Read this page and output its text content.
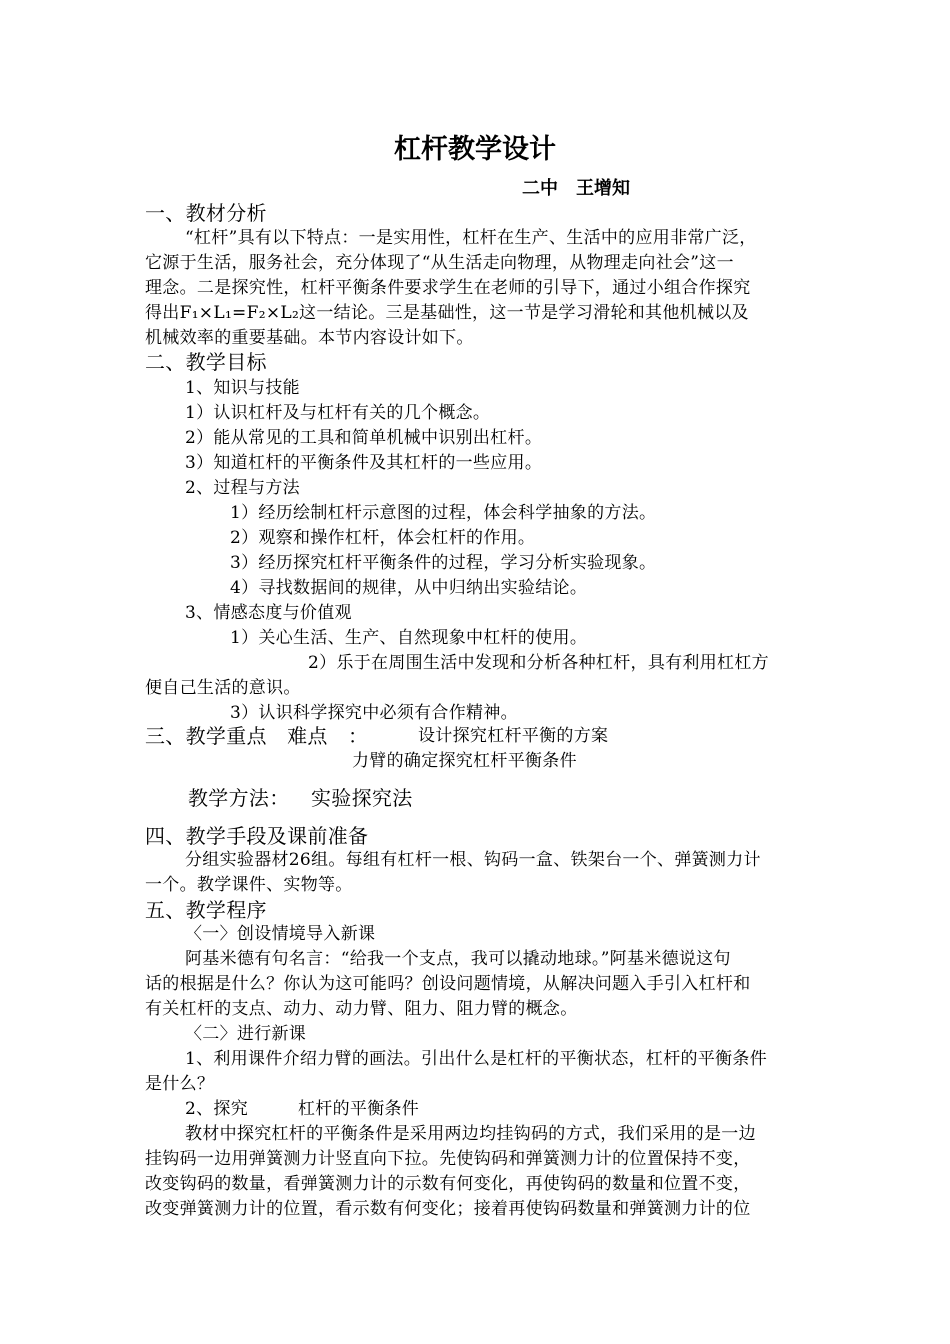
杠杆教学设计
二中　王增知
一、教材分析
“杠杆”具有以下特点：一是实用性，杠杆在生产、生活中的应用非常广泛，
它源于生活，服务社会，充分体现了“从生活走向物理，从物理走向社会”这一
理念。二是探究性，杠杆平衡条件要求学生在老师的引导下，通过小组合作探究
得出F₁×L₁=F₂×L₂这一结论。三是基础性，这一节是学习滑轮和其他机械以及
机械效率的重要基础。本节内容设计如下。
二、教学目标
1、知识与技能
1）认识杠杆及与杠杆有关的几个概念。
2）能从常见的工具和简单机械中识别出杠杆。
3）知道杠杆的平衡条件及其杠杆的一些应用。
2、过程与方法
1）经历绘制杠杆示意图的过程，体会科学抽象的方法。
2）观察和操作杠杆，体会杠杆的作用。
3）经历探究杠杆平衡条件的过程，学习分析实验现象。
4）寻找数据间的规律，从中归纳出实验结论。
3、情感态度与价值观
1）关心生活、生产、自然现象中杠杆的使用。
2）乐于在周围生活中发现和分析各种杠杆，具有利用杠杠方
便自己生活的意识。
3）认识科学探究中必须有合作精神。
三、教学重点　难点　：	设计探究杠杆平衡的方案
力臂的确定探究杠杆平衡条件
教学方法： 实验探究法
四、教学手段及课前准备
分组实验器材26组。每组有杠杆一根、钩码一盒、铁架台一个、弹簧测力计
一个。教学课件、实物等。
五、教学程序
〈一〉创设情境导入新课
阿基米德有句名言：“给我一个支点，我可以撬动地球。”阿基米德说这句
话的根据是什么？你认为这可能吗？创设问题情境，从解决问题入手引入杠杆和
有关杠杆的支点、动力、动力臂、阻力、阻力臂的概念。
〈二〉进行新课
1、利用课件介绍力臂的画法。引出什么是杠杆的平衡状态，杠杆的平衡条件
是什么？
2、探究	杠杆的平衡条件
教材中探究杠杆的平衡条件是采用两边均挂钩码的方式，我们采用的是一边
挂钩码一边用弹簧测力计竖直向下拉。先使钩码和弹簧测力计的位置保持不变，
改变钩码的数量，看弹簧测力计的示数有何变化，再使钩码的数量和位置不变，
改变弹簧测力计的位置，看示数有何变化；接着再使钩码数量和弹簧测力计的位
